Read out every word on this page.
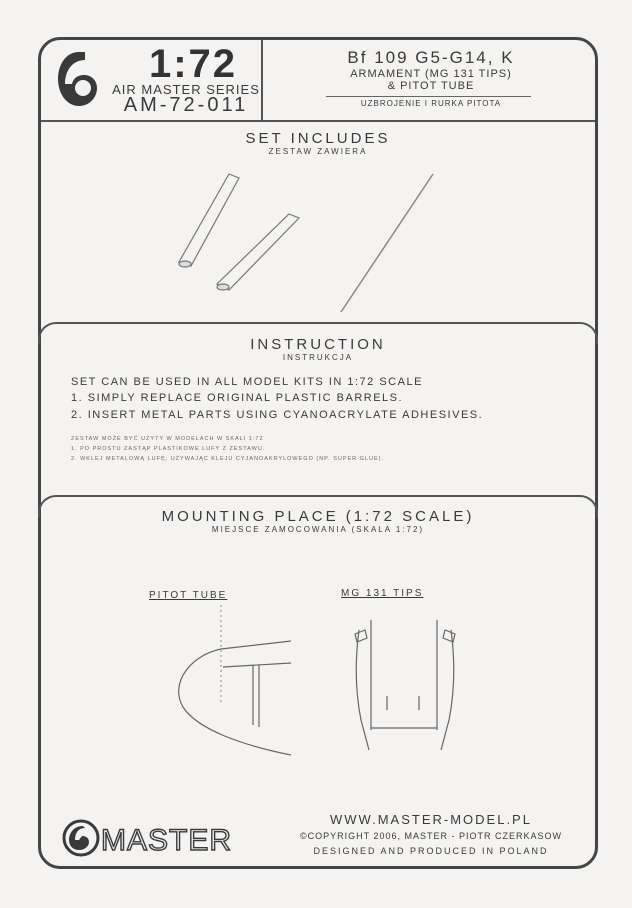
1:72
AIR MASTER SERIES
AM-72-011
Bf 109 G5-G14, K
ARMAMENT (MG 131 TIPS)
& PITOT TUBE
UZBROJENIE I RURKA PITOTA
SET INCLUDES
ZESTAW ZAWIERA
INSTRUCTION
INSTRUKCJA
SET CAN BE USED IN ALL MODEL KITS IN 1:72 SCALE
1. SIMPLY REPLACE ORIGINAL PLASTIC BARRELS.
2. INSERT METAL PARTS USING CYANOACRYLATE ADHESIVES.
ZESTAW MOŻE BYĆ UŻYTY W MODELACH W SKALI 1:72
1. PO PROSTU ZASTĄP PLASTIKOWE LUFY Z ZESTAWU.
2. WKLEJ METALOWĄ LUFĘ, UŻYWAJĄC KLEJU CYJANOAKRYLOWEGO (NP. SUPER GLUE).
MOUNTING PLACE (1:72 SCALE)
MIEJSCE ZAMOCOWANIA (SKALA 1:72)
PITOT TUBE	MG 131 TIPS
MASTER
WWW.MASTER-MODEL.PL
©COPYRIGHT 2006, MASTER - PIOTR CZERKASOW
DESIGNED AND PRODUCED IN POLAND
